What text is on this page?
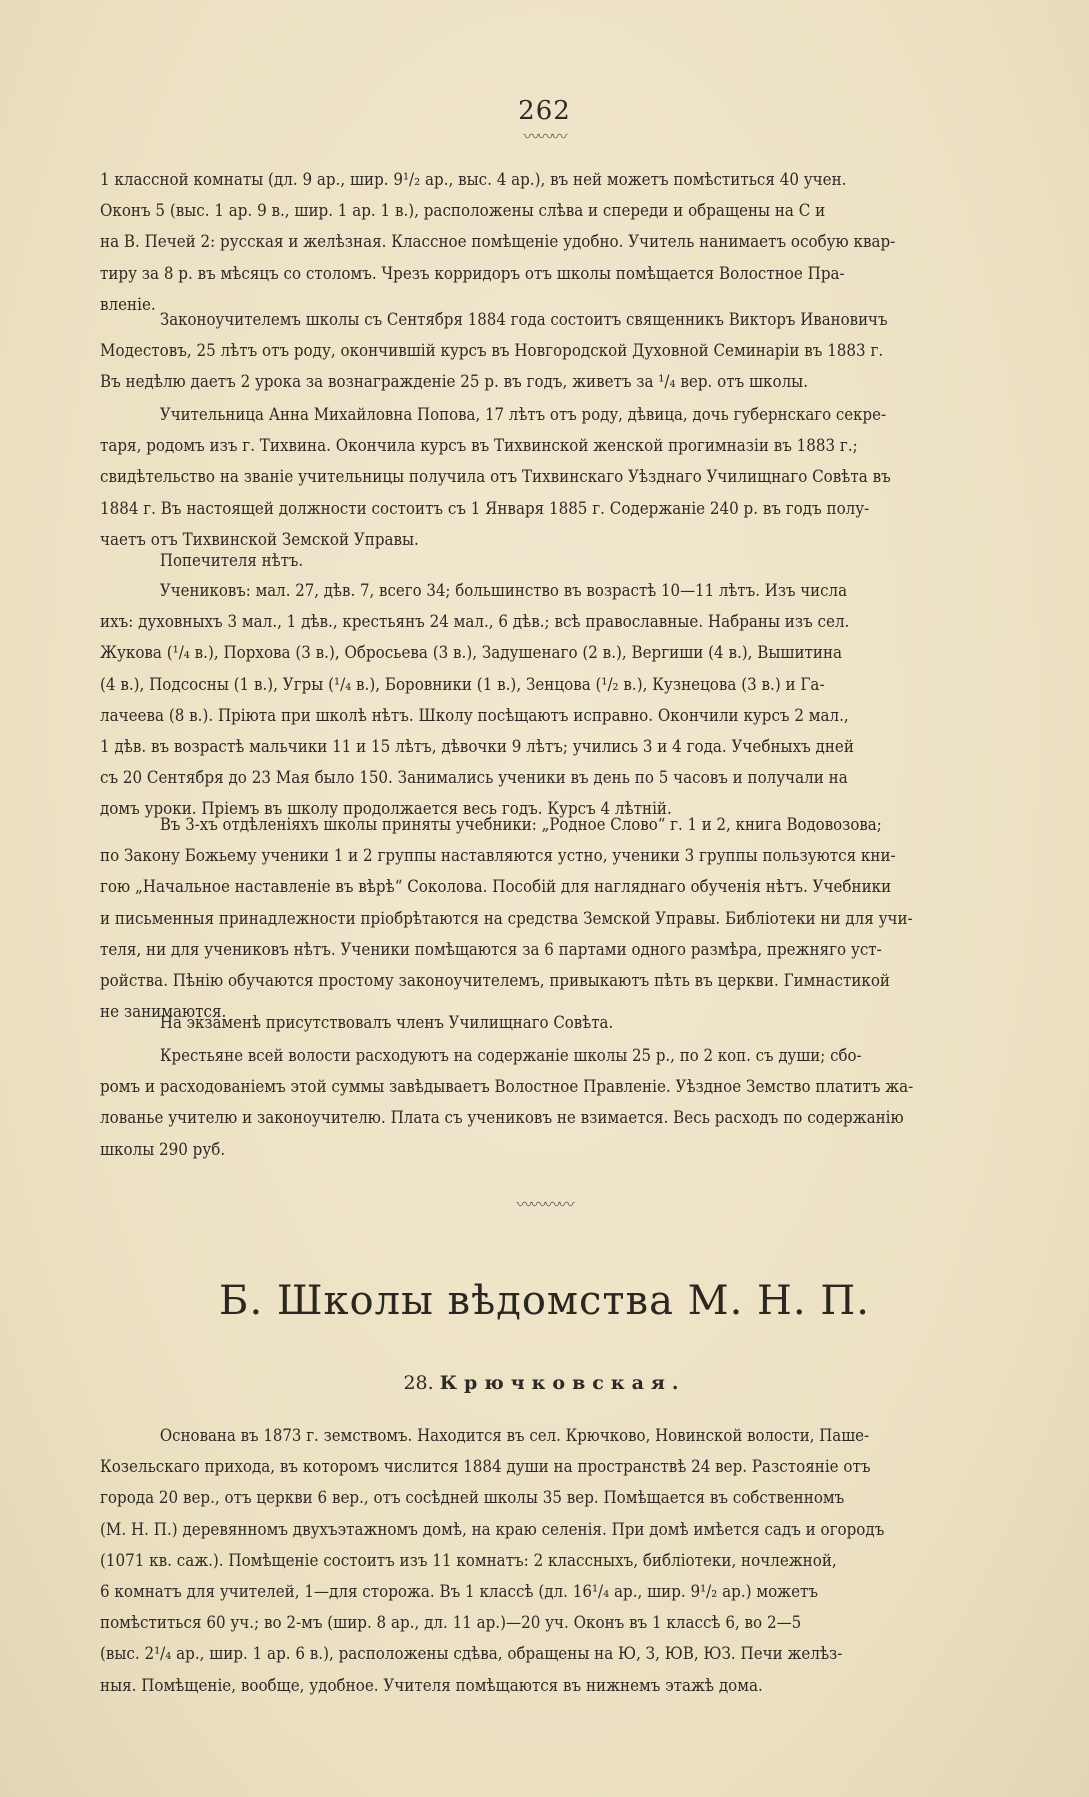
262
〰〰〰

1 классной комнаты (дл. 9 ар., шир. 9¹/₂ ар., выс. 4 ар.), въ ней можетъ помѣститься 40 учен.

Оконъ 5 (выс. 1 ар. 9 в., шир. 1 ар. 1 в.), расположены слѣва и спереди и обращены на С и

на В. Печей 2: русская и желѣзная. Классное помѣщеніе удобно. Учитель нанимаетъ особую квар-

тиру за 8 р. въ мѣсяцъ со столомъ. Чрезъ корридоръ отъ школы помѣщается Волостное Пра-

вленіе.

Законоучителемъ школы съ Сентября 1884 года состоитъ священникъ Викторъ Ивановичъ

Модестовъ, 25 лѣтъ отъ роду, окончившій курсъ въ Новгородской Духовной Семинаріи въ 1883 г.

Въ недѣлю даетъ 2 урока за вознагражденіе 25 р. въ годъ, живетъ за ¹/₄ вер. отъ школы.

Учительница Анна Михайловна Попова, 17 лѣтъ отъ роду, дѣвица, дочь губернскаго секре-

таря, родомъ изъ г. Тихвина. Окончила курсъ въ Тихвинской женской прогимназіи въ 1883 г.;

свидѣтельство на званіе учительницы получила отъ Тихвинскаго Уѣзднаго Училищнаго Совѣта въ

1884 г. Въ настоящей должности состоитъ съ 1 Января 1885 г. Содержаніе 240 р. въ годъ полу-

чаетъ отъ Тихвинской Земской Управы.

Попечителя нѣтъ.

Учениковъ: мал. 27, дѣв. 7, всего 34; большинство въ возрастѣ 10—11 лѣтъ. Изъ числа

ихъ: духовныхъ 3 мал., 1 дѣв., крестьянъ 24 мал., 6 дѣв.; всѣ православные. Набраны изъ сел.

Жукова (¹/₄ в.), Порхова (3 в.), Обросьева (3 в.), Задушенаго (2 в.), Вергиши (4 в.), Вышитина

(4 в.), Подсосны (1 в.), Угры (¹/₄ в.), Боровники (1 в.), Зенцова (¹/₂ в.), Кузнецова (3 в.) и Га-

лачеева (8 в.). Пріюта при школѣ нѣтъ. Школу посѣщаютъ исправно. Окончили курсъ 2 мал.,

1 дѣв. въ возрастѣ мальчики 11 и 15 лѣтъ, дѣвочки 9 лѣтъ; учились 3 и 4 года. Учебныхъ дней

съ 20 Сентября до 23 Мая было 150. Занимались ученики въ день по 5 часовъ и получали на

домъ уроки. Пріемъ въ школу продолжается весь годъ. Курсъ 4 лѣтній.

Въ 3-хъ отдѣленіяхъ школы приняты учебники: „Родное Слово“ г. 1 и 2, книга Водовозова;

по Закону Божьему ученики 1 и 2 группы наставляются устно, ученики 3 группы пользуются кни-

гою „Начальное наставленіе въ вѣрѣ“ Соколова. Пособій для нагляднаго обученія нѣтъ. Учебники

и письменныя принадлежности пріобрѣтаются на средства Земской Управы. Библіотеки ни для учи-

теля, ни для учениковъ нѣтъ. Ученики помѣщаются за 6 партами одного размѣра, прежняго уст-

ройства. Пѣнію обучаются простому законоучителемъ, привыкаютъ пѣть въ церкви. Гимнастикой

не занимаются.

На экзаменѣ присутствовалъ членъ Училищнаго Совѣта.

Крестьяне всей волости расходуютъ на содержаніе школы 25 р., по 2 коп. съ души; сбо-

ромъ и расходованіемъ этой суммы завѣдываетъ Волостное Правленіе. Уѣздное Земство платитъ жа-

лованье учителю и законоучителю. Плата съ учениковъ не взимается. Весь расходъ по содержанію

школы 290 руб.

〰〰〰〰
Б. Школы вѣдомства М. Н. П.
28. Крючковская.

Основана въ 1873 г. земствомъ. Находится въ сел. Крючково, Новинской волости, Паше-

Козельскаго прихода, въ которомъ числится 1884 души на пространствѣ 24 вер. Разстояніе отъ

города 20 вер., отъ церкви 6 вер., отъ сосѣдней школы 35 вер. Помѣщается въ собственномъ

(М. Н. П.) деревянномъ двухъэтажномъ домѣ, на краю селенія. При домѣ имѣется садъ и огородъ

(1071 кв. саж.). Помѣщеніе состоитъ изъ 11 комнатъ: 2 классныхъ, библіотеки, ночлежной,

6 комнатъ для учителей, 1—для сторожа. Въ 1 классѣ (дл. 16¹/₄ ар., шир. 9¹/₂ ар.) можетъ

помѣститься 60 уч.; во 2-мъ (шир. 8 ар., дл. 11 ар.)—20 уч. Оконъ въ 1 классѣ 6, во 2—5

(выс. 2¹/₄ ар., шир. 1 ар. 6 в.), расположены сдѣва, обращены на Ю, З, ЮВ, ЮЗ. Печи желѣз-

ныя. Помѣщеніе, вообще, удобное. Учителя помѣщаются въ нижнемъ этажѣ дома.
